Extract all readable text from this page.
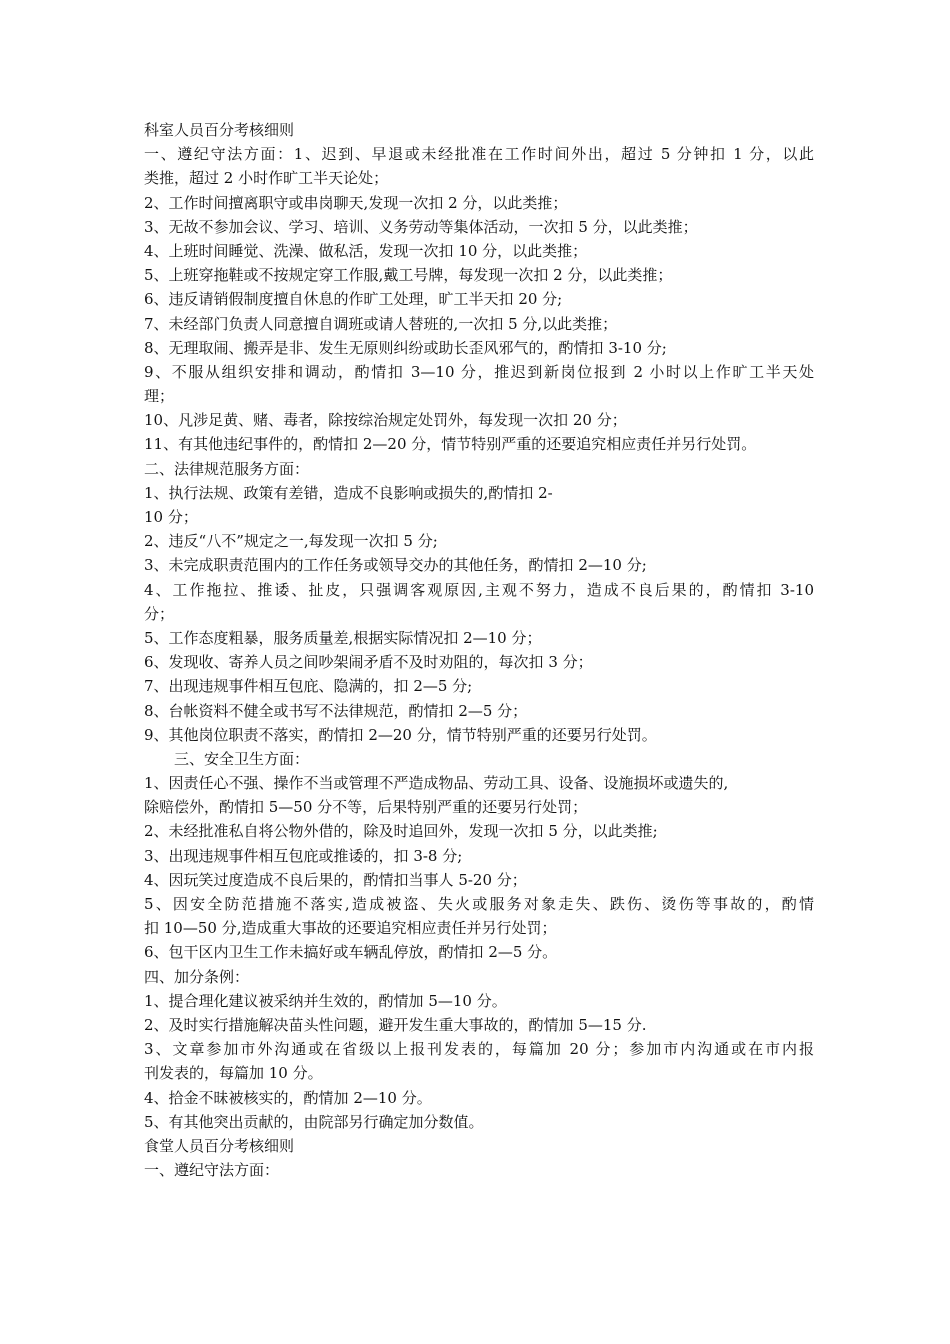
科室人员百分考核细则
一、遵纪守法方面：1、迟到、早退或未经批准在工作时间外出，超过 5 分钟扣 1 分，以此
类推，超过 2 小时作旷工半天论处；
2、工作时间擅离职守或串岗聊天,发现一次扣 2 分，以此类推；
3、无故不参加会议、学习、培训、义务劳动等集体活动，一次扣 5 分，以此类推；
4、上班时间睡觉、洗澡、做私活，发现一次扣 10 分，以此类推；
5、上班穿拖鞋或不按规定穿工作服,戴工号牌，每发现一次扣 2 分，以此类推；
6、违反请销假制度擅自休息的作旷工处理，旷工半天扣 20 分;
7、未经部门负责人同意擅自调班或请人替班的,一次扣 5 分,以此类推；
8、无理取闹、搬弄是非、发生无原则纠纷或助长歪风邪气的，酌情扣 3-10 分;
9、不服从组织安排和调动，酌情扣 3—10 分，推迟到新岗位报到 2 小时以上作旷工半天处
理；
10、凡涉足黄、赌、毒者，除按综治规定处罚外，每发现一次扣 20 分；
11、有其他违纪事件的，酌情扣 2—20 分，情节特别严重的还要追究相应责任并另行处罚。
二、法律规范服务方面：
1、执行法规、政策有差错，造成不良影响或损失的,酌情扣 2-
10 分；
2、违反“八不”规定之一,每发现一次扣 5 分;
3、未完成职责范围内的工作任务或领导交办的其他任务，酌情扣 2—10 分;
4、工作拖拉、推诿、扯皮，只强调客观原因,主观不努力，造成不良后果的，酌情扣 3-10
分；
5、工作态度粗暴，服务质量差,根据实际情况扣 2—10 分；
6、发现收、寄养人员之间吵架闹矛盾不及时劝阻的，每次扣 3 分；
7、出现违规事件相互包庇、隐满的，扣 2—5 分;
8、台帐资料不健全或书写不法律规范，酌情扣 2—5 分；
9、其他岗位职责不落实，酌情扣 2—20 分，情节特别严重的还要另行处罚。
三、安全卫生方面：
1、因责任心不强、操作不当或管理不严造成物品、劳动工具、设备、设施损坏或遗失的,
除赔偿外，酌情扣 5—50 分不等，后果特别严重的还要另行处罚；
2、未经批准私自将公物外借的，除及时追回外，发现一次扣 5 分，以此类推;
3、出现违规事件相互包庇或推诿的，扣 3-8 分;
4、因玩笑过度造成不良后果的，酌情扣当事人 5-20 分；
5、因安全防范措施不落实,造成被盗、失火或服务对象走失、跌伤、烫伤等事故的，酌情
扣 10—50 分,造成重大事故的还要追究相应责任并另行处罚；
6、包干区内卫生工作未搞好或车辆乱停放，酌情扣 2—5 分。
四、加分条例：
1、提合理化建议被采纳并生效的，酌情加 5—10 分。
2、及时实行措施解决苗头性问题，避开发生重大事故的，酌情加 5—15 分.
3、文章参加市外沟通或在省级以上报刊发表的，每篇加 20 分；参加市内沟通或在市内报
刊发表的，每篇加 10 分。
4、拾金不昧被核实的，酌情加 2—10 分。
5、有其他突出贡献的，由院部另行确定加分数值。
食堂人员百分考核细则
一、遵纪守法方面：
